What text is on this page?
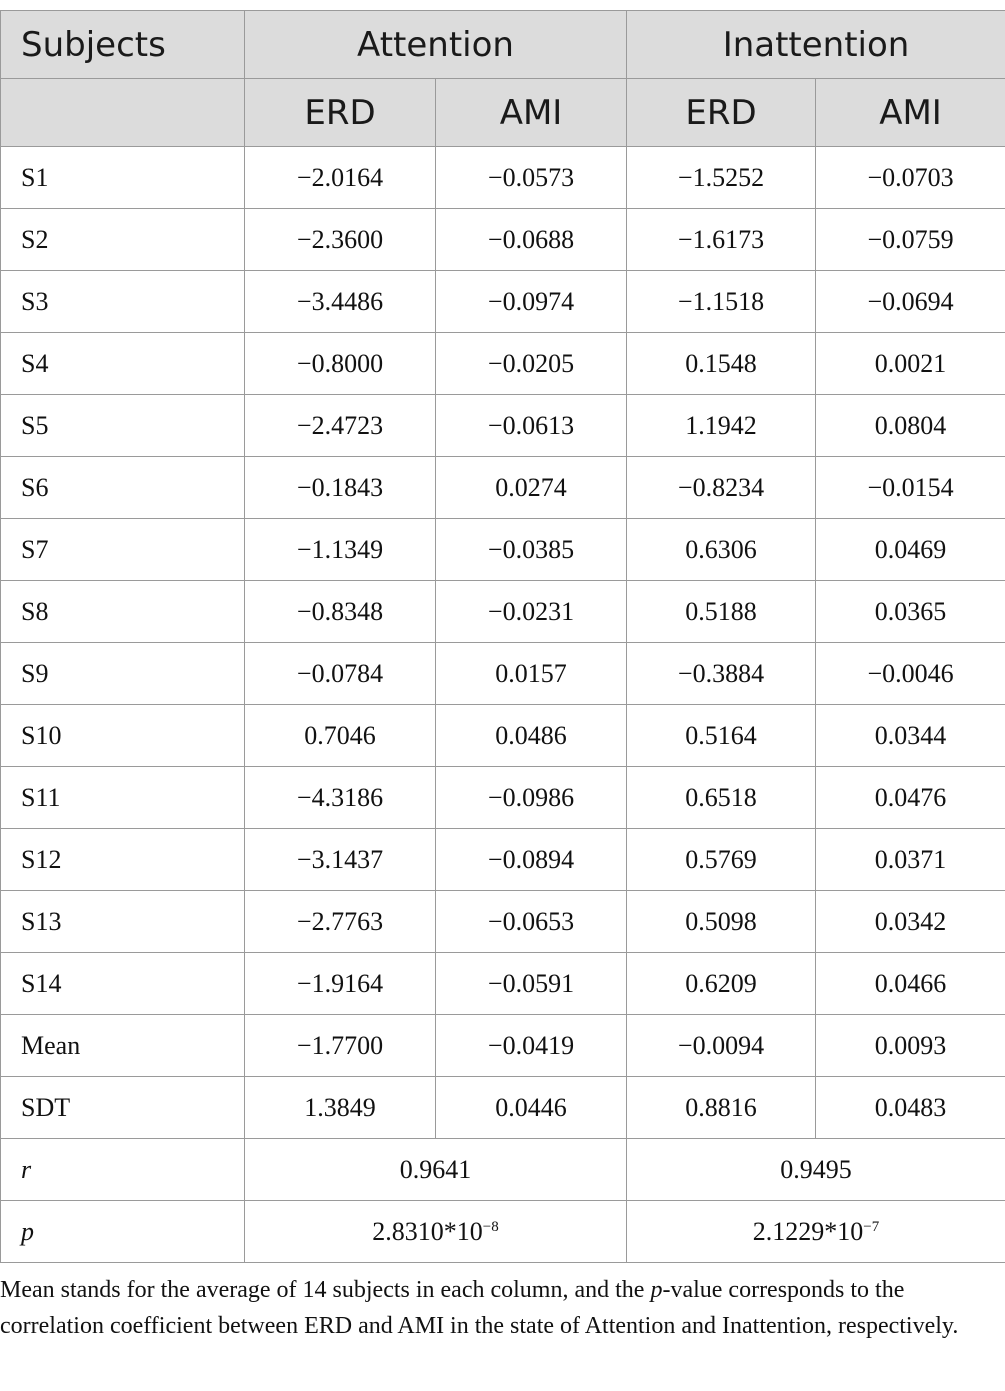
Subjects	Attention		Inattention	
	ERD	AMI	ERD	AMI
S1	−2.0164	−0.0573	−1.5252	−0.0703
S2	−2.3600	−0.0688	−1.6173	−0.0759
S3	−3.4486	−0.0974	−1.1518	−0.0694
S4	−0.8000	−0.0205	0.1548	0.0021
S5	−2.4723	−0.0613	1.1942	0.0804
S6	−0.1843	0.0274	−0.8234	−0.0154
S7	−1.1349	−0.0385	0.6306	0.0469
S8	−0.8348	−0.0231	0.5188	0.0365
S9	−0.0784	0.0157	−0.3884	−0.0046
S10	0.7046	0.0486	0.5164	0.0344
S11	−4.3186	−0.0986	0.6518	0.0476
S12	−3.1437	−0.0894	0.5769	0.0371
S13	−2.7763	−0.0653	0.5098	0.0342
S14	−1.9164	−0.0591	0.6209	0.0466
Mean	−1.7700	−0.0419	−0.0094	0.0093
SDT	1.3849	0.0446	0.8816	0.0483
r	0.9641		0.9495	
p	$2.8310*10^{-8}$		$2.1229*10^{-7}$

Mean stands for the average of 14 subjects in each column, and the p-value corresponds to the correlation coefficient between ERD and AMI in the state of Attention and Inattention, respectively.
